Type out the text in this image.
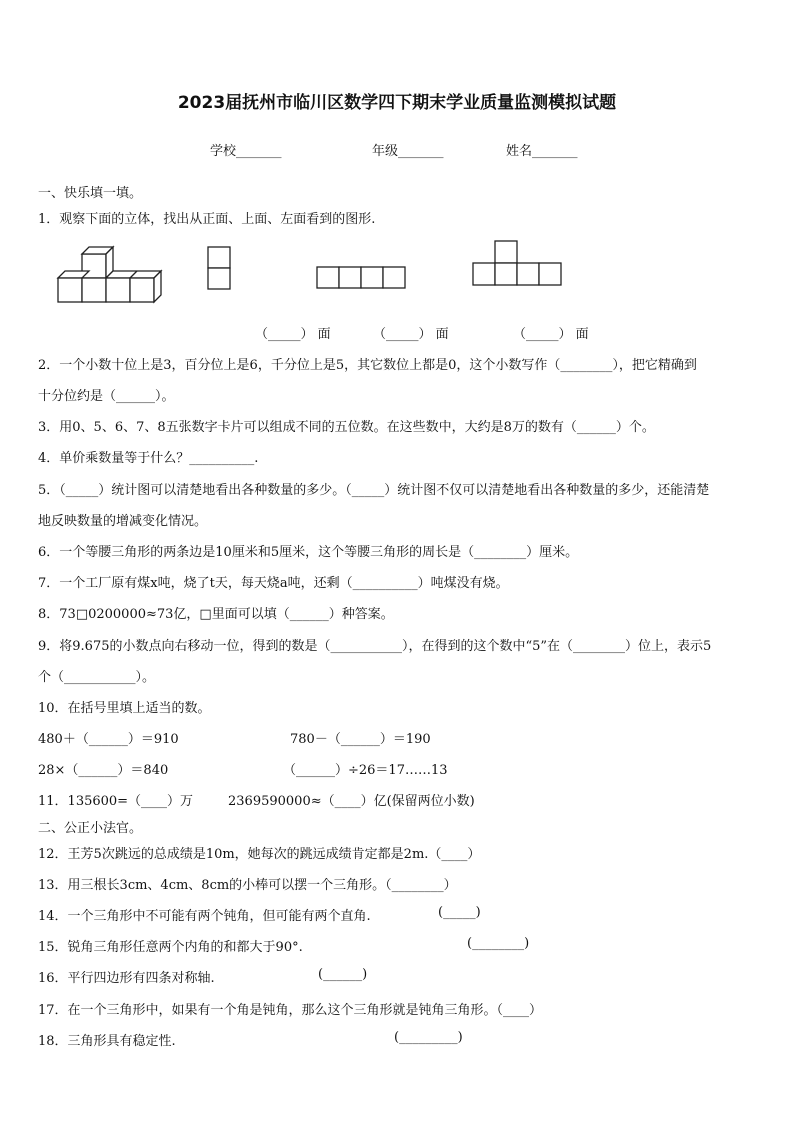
2023届抚州市临川区数学四下期末学业质量监测模拟试题
学校_______	年级_______	姓名_______
一、快乐填一填。
1．观察下面的立体，找出从正面、上面、左面看到的图形.
（_____） 面	（_____） 面	（_____） 面
2．一个小数十位上是3，百分位上是6，千分位上是5，其它数位上都是0，这个小数写作（________），把它精确到
十分位约是（______）。
3．用0、5、6、7、8五张数字卡片可以组成不同的五位数。在这些数中，大约是8万的数有（______）个。
4．单价乘数量等于什么？__________.
5．（_____）统计图可以清楚地看出各种数量的多少。（_____）统计图不仅可以清楚地看出各种数量的多少，还能清楚
地反映数量的增减变化情况。
6．一个等腰三角形的两条边是10厘米和5厘米，这个等腰三角形的周长是（________）厘米。
7．一个工厂原有煤x吨，烧了t天，每天烧a吨，还剩（__________）吨煤没有烧。
8．73□0200000≈73亿，□里面可以填（______）种答案。
9．将9.675的小数点向右移动一位，得到的数是（___________），在得到的这个数中“5”在（________）位上，表示5
个（___________）。
10．在括号里填上适当的数。
480＋（______）＝910	780－（______）＝190
28×（______）＝840	（______）÷26＝17……13
11．135600=（____）万	2369590000≈（____）亿(保留两位小数)
二、公正小法官。
12．王芳5次跳远的总成绩是10m，她每次的跳远成绩肯定都是2m.（____）
13．用三根长3cm、4cm、8cm的小棒可以摆一个三角形。（________）
14．一个三角形中不可能有两个钝角，但可能有两个直角.	(_____)
15．锐角三角形任意两个内角的和都大于90°.	(________)
16．平行四边形有四条对称轴.	(______)
17．在一个三角形中，如果有一个角是钝角，那么这个三角形就是钝角三角形。（____）
18．三角形具有稳定性.	(_________)
